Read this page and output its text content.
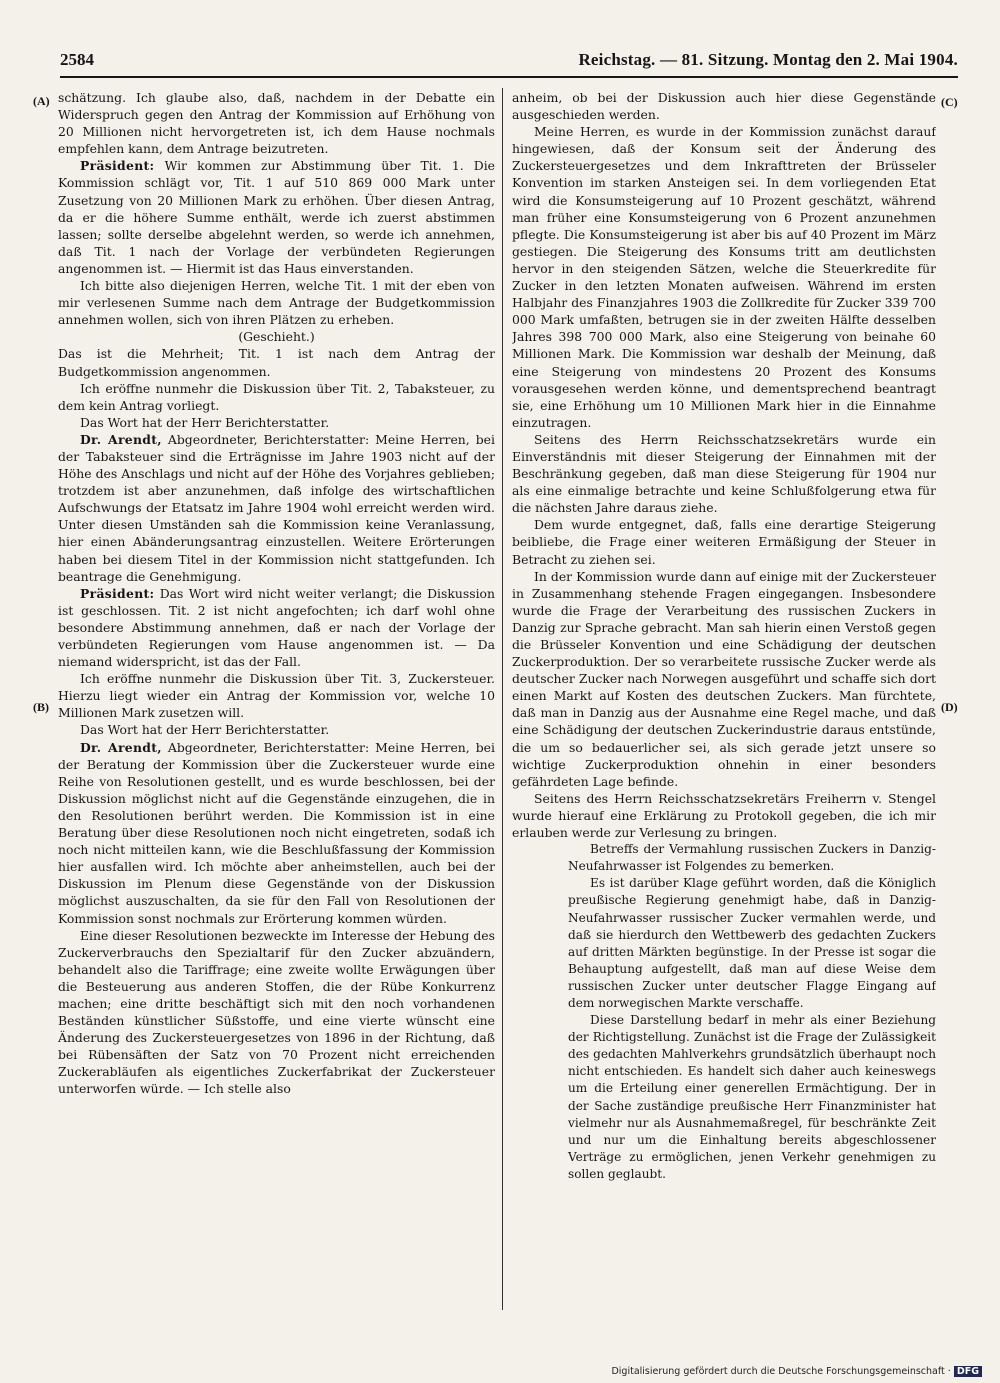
2584	Reichstag. — 81. Sitzung. Montag den 2. Mai 1904.
(A)
(B)
(C)
(D)

schätzung. Ich glaube also, daß, nachdem in der Debatte ein Widerspruch gegen den Antrag der Kommission auf Erhöhung von 20 Millionen nicht hervorgetreten ist, ich dem Hause nochmals empfehlen kann, dem Antrage beizutreten.

Präsident: Wir kommen zur Abstimmung über Tit. 1. Die Kommission schlägt vor, Tit. 1 auf 510 869 000 Mark unter Zusetzung von 20 Millionen Mark zu erhöhen. Über diesen Antrag, da er die höhere Summe enthält, werde ich zuerst abstimmen lassen; sollte derselbe abgelehnt werden, so werde ich annehmen, daß Tit. 1 nach der Vorlage der verbündeten Regierungen angenommen ist. — Hiermit ist das Haus einverstanden.

Ich bitte also diejenigen Herren, welche Tit. 1 mit der eben von mir verlesenen Summe nach dem Antrage der Budgetkommission annehmen wollen, sich von ihren Plätzen zu erheben.

(Geschieht.)

Das ist die Mehrheit; Tit. 1 ist nach dem Antrag der Budgetkommission angenommen.

Ich eröffne nunmehr die Diskussion über Tit. 2, Tabaksteuer, zu dem kein Antrag vorliegt.

Das Wort hat der Herr Berichterstatter.

Dr. Arendt, Abgeordneter, Berichterstatter: Meine Herren, bei der Tabaksteuer sind die Erträgnisse im Jahre 1903 nicht auf der Höhe des Anschlags und nicht auf der Höhe des Vorjahres geblieben; trotzdem ist aber anzunehmen, daß infolge des wirtschaftlichen Aufschwungs der Etatsatz im Jahre 1904 wohl erreicht werden wird. Unter diesen Umständen sah die Kommission keine Veranlassung, hier einen Abänderungsantrag einzustellen. Weitere Erörterungen haben bei diesem Titel in der Kommission nicht stattgefunden. Ich beantrage die Genehmigung.

Präsident: Das Wort wird nicht weiter verlangt; die Diskussion ist geschlossen. Tit. 2 ist nicht angefochten; ich darf wohl ohne besondere Abstimmung annehmen, daß er nach der Vorlage der verbündeten Regierungen vom Hause angenommen ist. — Da niemand widerspricht, ist das der Fall.

Ich eröffne nunmehr die Diskussion über Tit. 3, Zuckersteuer. Hierzu liegt wieder ein Antrag der Kommission vor, welche 10 Millionen Mark zusetzen will.

Das Wort hat der Herr Berichterstatter.

Dr. Arendt, Abgeordneter, Berichterstatter: Meine Herren, bei der Beratung der Kommission über die Zuckersteuer wurde eine Reihe von Resolutionen gestellt, und es wurde beschlossen, bei der Diskussion möglichst nicht auf die Gegenstände einzugehen, die in den Resolutionen berührt werden. Die Kommission ist in eine Beratung über diese Resolutionen noch nicht eingetreten, sodaß ich noch nicht mitteilen kann, wie die Beschlußfassung der Kommission hier ausfallen wird. Ich möchte aber anheimstellen, auch bei der Diskussion im Plenum diese Gegenstände von der Diskussion möglichst auszuschalten, da sie für den Fall von Resolutionen der Kommission sonst nochmals zur Erörterung kommen würden.

Eine dieser Resolutionen bezweckte im Interesse der Hebung des Zuckerverbrauchs den Spezialtarif für den Zucker abzuändern, behandelt also die Tariffrage; eine zweite wollte Erwägungen über die Besteuerung aus anderen Stoffen, die der Rübe Konkurrenz machen; eine dritte beschäftigt sich mit den noch vorhandenen Beständen künstlicher Süßstoffe, und eine vierte wünscht eine Änderung des Zuckersteuergesetzes von 1896 in der Richtung, daß bei Rübensäften der Satz von 70 Prozent nicht erreichenden Zuckerabläufen als eigentliches Zuckerfabrikat der Zuckersteuer unterworfen würde. — Ich stelle also

anheim, ob bei der Diskussion auch hier diese Gegenstände ausgeschieden werden.

Meine Herren, es wurde in der Kommission zunächst darauf hingewiesen, daß der Konsum seit der Änderung des Zuckersteuergesetzes und dem Inkrafttreten der Brüsseler Konvention im starken Ansteigen sei. In dem vorliegenden Etat wird die Konsumsteigerung auf 10 Prozent geschätzt, während man früher eine Konsumsteigerung von 6 Prozent anzunehmen pflegte. Die Konsumsteigerung ist aber bis auf 40 Prozent im März gestiegen. Die Steigerung des Konsums tritt am deutlichsten hervor in den steigenden Sätzen, welche die Steuerkredite für Zucker in den letzten Monaten aufweisen. Während im ersten Halbjahr des Finanzjahres 1903 die Zollkredite für Zucker 339 700 000 Mark umfaßten, betrugen sie in der zweiten Hälfte desselben Jahres 398 700 000 Mark, also eine Steigerung von beinahe 60 Millionen Mark. Die Kommission war deshalb der Meinung, daß eine Steigerung von mindestens 20 Prozent des Konsums vorausgesehen werden könne, und dementsprechend beantragt sie, eine Erhöhung um 10 Millionen Mark hier in die Einnahme einzutragen.

Seitens des Herrn Reichsschatzsekretärs wurde ein Einverständnis mit dieser Steigerung der Einnahmen mit der Beschränkung gegeben, daß man diese Steigerung für 1904 nur als eine einmalige betrachte und keine Schlußfolgerung etwa für die nächsten Jahre daraus ziehe.

Dem wurde entgegnet, daß, falls eine derartige Steigerung beibliebe, die Frage einer weiteren Ermäßigung der Steuer in Betracht zu ziehen sei.

In der Kommission wurde dann auf einige mit der Zuckersteuer in Zusammenhang stehende Fragen eingegangen. Insbesondere wurde die Frage der Verarbeitung des russischen Zuckers in Danzig zur Sprache gebracht. Man sah hierin einen Verstoß gegen die Brüsseler Konvention und eine Schädigung der deutschen Zuckerproduktion. Der so verarbeitete russische Zucker werde als deutscher Zucker nach Norwegen ausgeführt und schaffe sich dort einen Markt auf Kosten des deutschen Zuckers. Man fürchtete, daß man in Danzig aus der Ausnahme eine Regel mache, und daß eine Schädigung der deutschen Zuckerindustrie daraus entstünde, die um so bedauerlicher sei, als sich gerade jetzt unsere so wichtige Zuckerproduktion ohnehin in einer besonders gefährdeten Lage befinde.

Seitens des Herrn Reichsschatzsekretärs Freiherrn v. Stengel wurde hierauf eine Erklärung zu Protokoll gegeben, die ich mir erlauben werde zur Verlesung zu bringen.

Betreffs der Vermahlung russischen Zuckers in Danzig-Neufahrwasser ist Folgendes zu bemerken.

Es ist darüber Klage geführt worden, daß die Königlich preußische Regierung genehmigt habe, daß in Danzig-Neufahrwasser russischer Zucker vermahlen werde, und daß sie hierdurch den Wettbewerb des gedachten Zuckers auf dritten Märkten begünstige. In der Presse ist sogar die Behauptung aufgestellt, daß man auf diese Weise dem russischen Zucker unter deutscher Flagge Eingang auf dem norwegischen Markte verschaffe.

Diese Darstellung bedarf in mehr als einer Beziehung der Richtigstellung. Zunächst ist die Frage der Zulässigkeit des gedachten Mahlverkehrs grundsätzlich überhaupt noch nicht entschieden. Es handelt sich daher auch keineswegs um die Erteilung einer generellen Ermächtigung. Der in der Sache zuständige preußische Herr Finanzminister hat vielmehr nur als Ausnahmemaßregel, für beschränkte Zeit und nur um die Einhaltung bereits abgeschlossener Verträge zu ermöglichen, jenen Verkehr genehmigen zu sollen geglaubt.

Digitalisierung gefördert durch die Deutsche Forschungsgemeinschaft · DFG
